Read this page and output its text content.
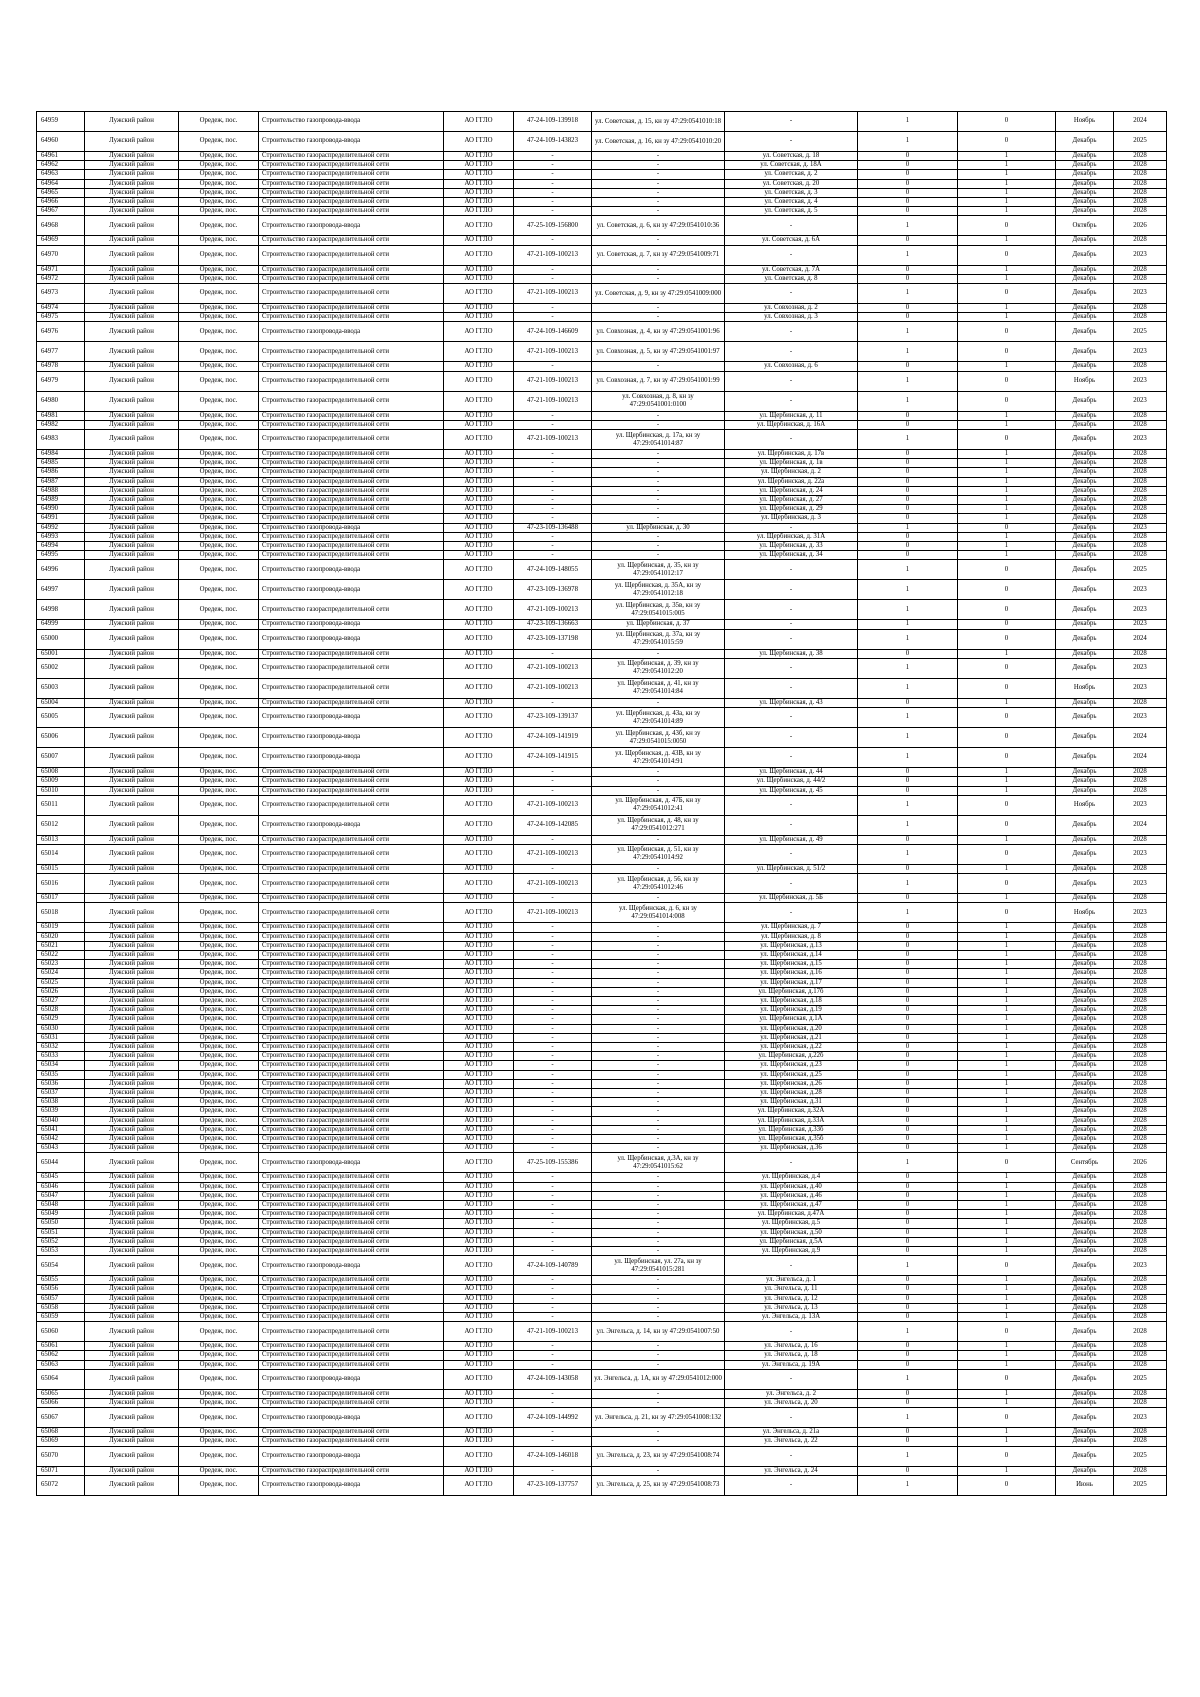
64959	Лужский район	Оредеж, пос.	Строительство газопровода-ввода	АО ГГЛО	47-24-109-139918	ул. Советская, д. 15, кн зу 47:29:0541010:18	-	1	0	Ноябрь	2024
64960	Лужский район	Оредеж, пос.	Строительство газопровода-ввода	АО ГГЛО	47-24-109-143823	ул. Советская, д. 16, кн зу 47:29:0541010:20	-	1	0	Декабрь	2025
64961	Лужский район	Оредеж, пос.	Строительство газораспределительной сети	АО ГГЛО	-	-	ул. Советская, д. 18	0	1	Декабрь	2028
64962	Лужский район	Оредеж, пос.	Строительство газораспределительной сети	АО ГГЛО	-	-	ул. Советская, д. 18А	0	1	Декабрь	2028
64963	Лужский район	Оредеж, пос.	Строительство газораспределительной сети	АО ГГЛО	-	-	ул. Советская, д. 2	0	1	Декабрь	2028
64964	Лужский район	Оредеж, пос.	Строительство газораспределительной сети	АО ГГЛО	-	-	ул. Советская, д. 20	0	1	Декабрь	2028
64965	Лужский район	Оредеж, пос.	Строительство газораспределительной сети	АО ГГЛО	-	-	ул. Советская, д. 3	0	1	Декабрь	2028
64966	Лужский район	Оредеж, пос.	Строительство газораспределительной сети	АО ГГЛО	-	-	ул. Советская, д. 4	0	1	Декабрь	2028
64967	Лужский район	Оредеж, пос.	Строительство газораспределительной сети	АО ГГЛО	-	-	ул. Советская, д. 5	0	1	Декабрь	2028
64968	Лужский район	Оредеж, пос.	Строительство газопровода-ввода	АО ГГЛО	47-25-109-156800	ул. Советская, д. 6, кн зу 47:29:0541010:36	-	1	0	Октябрь	2026
64969	Лужский район	Оредеж, пос.	Строительство газораспределительной сети	АО ГГЛО	-	-	ул. Советская, д. 6А	0	1	Декабрь	2028
64970	Лужский район	Оредеж, пос.	Строительство газораспределительной сети	АО ГГЛО	47-21-109-100213	ул. Советская, д. 7, кн зу 47:29:0541009:71	-	1	0	Декабрь	2023
64971	Лужский район	Оредеж, пос.	Строительство газораспределительной сети	АО ГГЛО	-	-	ул. Советская, д. 7А	0	1	Декабрь	2028
64972	Лужский район	Оредеж, пос.	Строительство газораспределительной сети	АО ГГЛО	-	-	ул. Советская, д. 8	0	1	Декабрь	2028
64973	Лужский район	Оредеж, пос.	Строительство газораспределительной сети	АО ГГЛО	47-21-109-100213	ул. Советская, д. 9, кн зу 47:29:0541009:000	-	1	0	Декабрь	2023
64974	Лужский район	Оредеж, пос.	Строительство газораспределительной сети	АО ГГЛО	-	-	ул. Совхозная, д. 2	0	1	Декабрь	2028
64975	Лужский район	Оредеж, пос.	Строительство газораспределительной сети	АО ГГЛО	-	-	ул. Совхозная, д. 3	0	1	Декабрь	2028
64976	Лужский район	Оредеж, пос.	Строительство газопровода-ввода	АО ГГЛО	47-24-109-146609	ул. Совхозная, д. 4, кн зу 47:29:0541001:96	-	1	0	Декабрь	2025
64977	Лужский район	Оредеж, пос.	Строительство газораспределительной сети	АО ГГЛО	47-21-109-100213	ул. Совхозная, д. 5, кн зу 47:29:0541001:97	-	1	0	Декабрь	2023
64978	Лужский район	Оредеж, пос.	Строительство газораспределительной сети	АО ГГЛО	-	-	ул. Совхозная, д. 6	0	1	Декабрь	2028
64979	Лужский район	Оредеж, пос.	Строительство газораспределительной сети	АО ГГЛО	47-21-109-100213	ул. Совхозная, д. 7, кн зу 47:29:0541001:99	-	1	0	Ноябрь	2023
64980	Лужский район	Оредеж, пос.	Строительство газораспределительной сети	АО ГГЛО	47-21-109-100213	ул. Совхозная, д. 8, кн зу 47:29:0541001:0100	-	1	0	Декабрь	2023
64981	Лужский район	Оредеж, пос.	Строительство газораспределительной сети	АО ГГЛО	-	-	ул. Щербинская, д. 11	0	1	Декабрь	2028
64982	Лужский район	Оредеж, пос.	Строительство газораспределительной сети	АО ГГЛО	-	-	ул. Щербинская, д. 16А	0	1	Декабрь	2028
64983	Лужский район	Оредеж, пос.	Строительство газораспределительной сети	АО ГГЛО	47-21-109-100213	ул. Щербинская, д. 17а, кн зу 47:29:0541014:87	-	1	0	Декабрь	2023
64984	Лужский район	Оредеж, пос.	Строительство газораспределительной сети	АО ГГЛО	-	-	ул. Щербинская, д. 17в	0	1	Декабрь	2028
64985	Лужский район	Оредеж, пос.	Строительство газораспределительной сети	АО ГГЛО	-	-	ул. Щербинская, д. 1в	0	1	Декабрь	2028
64986	Лужский район	Оредеж, пос.	Строительство газораспределительной сети	АО ГГЛО	-	-	ул. Щербинская, д. 2	0	1	Декабрь	2028
64987	Лужский район	Оредеж, пос.	Строительство газораспределительной сети	АО ГГЛО	-	-	ул. Щербинская, д. 22а	0	1	Декабрь	2028
64988	Лужский район	Оредеж, пос.	Строительство газораспределительной сети	АО ГГЛО	-	-	ул. Щербинская, д. 24	0	1	Декабрь	2028
64989	Лужский район	Оредеж, пос.	Строительство газораспределительной сети	АО ГГЛО	-	-	ул. Щербинская, д. 27	0	1	Декабрь	2028
64990	Лужский район	Оредеж, пос.	Строительство газораспределительной сети	АО ГГЛО	-	-	ул. Щербинская, д. 29	0	1	Декабрь	2028
64991	Лужский район	Оредеж, пос.	Строительство газораспределительной сети	АО ГГЛО	-	-	ул. Щербинская, д. 3	0	1	Декабрь	2028
64992	Лужский район	Оредеж, пос.	Строительство газопровода-ввода	АО ГГЛО	47-23-109-136488	ул. Щербинская, д. 30	-	1	0	Декабрь	2023
64993	Лужский район	Оредеж, пос.	Строительство газораспределительной сети	АО ГГЛО	-	-	ул. Щербинская, д. 31А	0	1	Декабрь	2028
64994	Лужский район	Оредеж, пос.	Строительство газораспределительной сети	АО ГГЛО	-	-	ул. Щербинская, д. 33	0	1	Декабрь	2028
64995	Лужский район	Оредеж, пос.	Строительство газораспределительной сети	АО ГГЛО	-	-	ул. Щербинская, д. 34	0	1	Декабрь	2028
64996	Лужский район	Оредеж, пос.	Строительство газопровода-ввода	АО ГГЛО	47-24-109-148055	ул. Щербинская, д. 35, кн зу 47:29:0541012:17	-	1	0	Декабрь	2025
64997	Лужский район	Оредеж, пос.	Строительство газопровода-ввода	АО ГГЛО	47-23-109-136978	ул. Щербинская, д. 35А, кн зу 47:29:0541012:18	-	1	0	Декабрь	2023
64998	Лужский район	Оредеж, пос.	Строительство газораспределительной сети	АО ГГЛО	47-21-109-100213	ул. Щербинская, д. 35в, кн зу 47:29:0541015:005	-	1	0	Декабрь	2023
64999	Лужский район	Оредеж, пос.	Строительство газопровода-ввода	АО ГГЛО	47-23-109-136663	ул. Щербинская, д. 37	-	1	0	Декабрь	2023
65000	Лужский район	Оредеж, пос.	Строительство газопровода-ввода	АО ГГЛО	47-23-109-137198	ул. Щербинская, д. 37а, кн зу 47:29:0541015:59	-	1	0	Декабрь	2024
65001	Лужский район	Оредеж, пос.	Строительство газораспределительной сети	АО ГГЛО	-	-	ул. Щербинская, д. 38	0	1	Декабрь	2028
65002	Лужский район	Оредеж, пос.	Строительство газораспределительной сети	АО ГГЛО	47-21-109-100213	ул. Щербинская, д. 39, кн зу 47:29:0541012:20	-	1	0	Декабрь	2023
65003	Лужский район	Оредеж, пос.	Строительство газораспределительной сети	АО ГГЛО	47-21-109-100213	ул. Щербинская, д. 41, кн зу 47:29:0541014:84	-	1	0	Ноябрь	2023
65004	Лужский район	Оредеж, пос.	Строительство газораспределительной сети	АО ГГЛО	-	-	ул. Щербинская, д. 43	0	1	Декабрь	2028
65005	Лужский район	Оредеж, пос.	Строительство газопровода-ввода	АО ГГЛО	47-23-109-139137	ул. Щербинская, д. 43а, кн зу 47:29:0541014:89	-	1	0	Декабрь	2023
65006	Лужский район	Оредеж, пос.	Строительство газопровода-ввода	АО ГГЛО	47-24-109-141919	ул. Щербинская, д. 43б, кн зу 47:29:0541015:0050	-	1	0	Декабрь	2024
65007	Лужский район	Оредеж, пос.	Строительство газопровода-ввода	АО ГГЛО	47-24-109-141915	ул. Щербинская, д. 43В, кн зу 47:29:0541014:91	-	1	0	Декабрь	2024
65008	Лужский район	Оредеж, пос.	Строительство газораспределительной сети	АО ГГЛО	-	-	ул. Щербинская, д. 44	0	1	Декабрь	2028
65009	Лужский район	Оредеж, пос.	Строительство газораспределительной сети	АО ГГЛО	-	-	ул. Щербинская, д. 44/2	0	1	Декабрь	2028
65010	Лужский район	Оредеж, пос.	Строительство газораспределительной сети	АО ГГЛО	-	-	ул. Щербинская, д. 45	0	1	Декабрь	2028
65011	Лужский район	Оредеж, пос.	Строительство газораспределительной сети	АО ГГЛО	47-21-109-100213	ул. Щербинская, д. 47Б, кн зу 47:29:0541012:41	-	1	0	Ноябрь	2023
65012	Лужский район	Оредеж, пос.	Строительство газопровода-ввода	АО ГГЛО	47-24-109-142085	ул. Щербинская, д. 48, кн зу 47:29:0541012:271	-	1	0	Декабрь	2024
65013	Лужский район	Оредеж, пос.	Строительство газораспределительной сети	АО ГГЛО	-	-	ул. Щербинская, д. 49	0	1	Декабрь	2028
65014	Лужский район	Оредеж, пос.	Строительство газораспределительной сети	АО ГГЛО	47-21-109-100213	ул. Щербинская, д. 51, кн зу 47:29:0541014:92	-	1	0	Декабрь	2023
65015	Лужский район	Оредеж, пос.	Строительство газораспределительной сети	АО ГГЛО	-	-	ул. Щербинская, д. 51/2	0	1	Декабрь	2028
65016	Лужский район	Оредеж, пос.	Строительство газораспределительной сети	АО ГГЛО	47-21-109-100213	ул. Щербинская, д. 56, кн зу 47:29:0541012:46	-	1	0	Декабрь	2023
65017	Лужский район	Оредеж, пос.	Строительство газораспределительной сети	АО ГГЛО	-	-	ул. Щербинская, д. 5Б	0	1	Декабрь	2028
65018	Лужский район	Оредеж, пос.	Строительство газораспределительной сети	АО ГГЛО	47-21-109-100213	ул. Щербинская, д. 6, кн зу 47:29:0541014:008	-	1	0	Ноябрь	2023
65019	Лужский район	Оредеж, пос.	Строительство газораспределительной сети	АО ГГЛО	-	-	ул. Щербинская, д. 7	0	1	Декабрь	2028
65020	Лужский район	Оредеж, пос.	Строительство газораспределительной сети	АО ГГЛО	-	-	ул. Щербинская, д. 8	0	1	Декабрь	2028
65021	Лужский район	Оредеж, пос.	Строительство газораспределительной сети	АО ГГЛО	-	-	ул. Щербинская, д.13	0	1	Декабрь	2028
65022	Лужский район	Оредеж, пос.	Строительство газораспределительной сети	АО ГГЛО	-	-	ул. Щербинская, д.14	0	1	Декабрь	2028
65023	Лужский район	Оредеж, пос.	Строительство газораспределительной сети	АО ГГЛО	-	-	ул. Щербинская, д.15	0	1	Декабрь	2028
65024	Лужский район	Оредеж, пос.	Строительство газораспределительной сети	АО ГГЛО	-	-	ул. Щербинская, д.16	0	1	Декабрь	2028
65025	Лужский район	Оредеж, пос.	Строительство газораспределительной сети	АО ГГЛО	-	-	ул. Щербинская, д.17	0	1	Декабрь	2028
65026	Лужский район	Оредеж, пос.	Строительство газораспределительной сети	АО ГГЛО	-	-	ул. Щербинская, д.17б	0	1	Декабрь	2028
65027	Лужский район	Оредеж, пос.	Строительство газораспределительной сети	АО ГГЛО	-	-	ул. Щербинская, д.18	0	1	Декабрь	2028
65028	Лужский район	Оредеж, пос.	Строительство газораспределительной сети	АО ГГЛО	-	-	ул. Щербинская, д.19	0	1	Декабрь	2028
65029	Лужский район	Оредеж, пос.	Строительство газораспределительной сети	АО ГГЛО	-	-	ул. Щербинская, д.1А	0	1	Декабрь	2028
65030	Лужский район	Оредеж, пос.	Строительство газораспределительной сети	АО ГГЛО	-	-	ул. Щербинская, д.20	0	1	Декабрь	2028
65031	Лужский район	Оредеж, пос.	Строительство газораспределительной сети	АО ГГЛО	-	-	ул. Щербинская, д.21	0	1	Декабрь	2028
65032	Лужский район	Оредеж, пос.	Строительство газораспределительной сети	АО ГГЛО	-	-	ул. Щербинская, д.22	0	1	Декабрь	2028
65033	Лужский район	Оредеж, пос.	Строительство газораспределительной сети	АО ГГЛО	-	-	ул. Щербинская, д.22б	0	1	Декабрь	2028
65034	Лужский район	Оредеж, пос.	Строительство газораспределительной сети	АО ГГЛО	-	-	ул. Щербинская, д.23	0	1	Декабрь	2028
65035	Лужский район	Оредеж, пос.	Строительство газораспределительной сети	АО ГГЛО	-	-	ул. Щербинская, д.25	0	1	Декабрь	2028
65036	Лужский район	Оредеж, пос.	Строительство газораспределительной сети	АО ГГЛО	-	-	ул. Щербинская, д.26	0	1	Декабрь	2028
65037	Лужский район	Оредеж, пос.	Строительство газораспределительной сети	АО ГГЛО	-	-	ул. Щербинская, д.28	0	1	Декабрь	2028
65038	Лужский район	Оредеж, пос.	Строительство газораспределительной сети	АО ГГЛО	-	-	ул. Щербинская, д.31	0	1	Декабрь	2028
65039	Лужский район	Оредеж, пос.	Строительство газораспределительной сети	АО ГГЛО	-	-	ул. Щербинская, д.32А	0	1	Декабрь	2028
65040	Лужский район	Оредеж, пос.	Строительство газораспределительной сети	АО ГГЛО	-	-	ул. Щербинская, д.33А	0	1	Декабрь	2028
65041	Лужский район	Оредеж, пос.	Строительство газораспределительной сети	АО ГГЛО	-	-	ул. Щербинская, д.33б	0	1	Декабрь	2028
65042	Лужский район	Оредеж, пос.	Строительство газораспределительной сети	АО ГГЛО	-	-	ул. Щербинская, д.35б	0	1	Декабрь	2028
65043	Лужский район	Оредеж, пос.	Строительство газораспределительной сети	АО ГГЛО	-	-	ул. Щербинская, д.36	0	1	Декабрь	2028
65044	Лужский район	Оредеж, пос.	Строительство газопровода-ввода	АО ГГЛО	47-25-109-155386	ул. Щербинская, д.3А, кн зу 47:29:0541015:62	-	1	0	Сентябрь	2026
65045	Лужский район	Оредеж, пос.	Строительство газораспределительной сети	АО ГГЛО	-	-	ул. Щербинская, д.4	0	1	Декабрь	2028
65046	Лужский район	Оредеж, пос.	Строительство газораспределительной сети	АО ГГЛО	-	-	ул. Щербинская, д.40	0	1	Декабрь	2028
65047	Лужский район	Оредеж, пос.	Строительство газораспределительной сети	АО ГГЛО	-	-	ул. Щербинская, д.46	0	1	Декабрь	2028
65048	Лужский район	Оредеж, пос.	Строительство газораспределительной сети	АО ГГЛО	-	-	ул. Щербинская, д.47	0	1	Декабрь	2028
65049	Лужский район	Оредеж, пос.	Строительство газораспределительной сети	АО ГГЛО	-	-	ул. Щербинская, д.47А	0	1	Декабрь	2028
65050	Лужский район	Оредеж, пос.	Строительство газораспределительной сети	АО ГГЛО	-	-	ул. Щербинская, д.5	0	1	Декабрь	2028
65051	Лужский район	Оредеж, пос.	Строительство газораспределительной сети	АО ГГЛО	-	-	ул. Щербинская, д.50	0	1	Декабрь	2028
65052	Лужский район	Оредеж, пос.	Строительство газораспределительной сети	АО ГГЛО	-	-	ул. Щербинская, д.5А	0	1	Декабрь	2028
65053	Лужский район	Оредеж, пос.	Строительство газораспределительной сети	АО ГГЛО	-	-	ул. Щербинская, д.9	0	1	Декабрь	2028
65054	Лужский район	Оредеж, пос.	Строительство газопровода-ввода	АО ГГЛО	47-24-109-140789	ул. Щербинская, ул. 27а, кн зу 47:29:0541015:281	-	1	0	Декабрь	2023
65055	Лужский район	Оредеж, пос.	Строительство газораспределительной сети	АО ГГЛО	-	-	ул. Энгельса, д. 1	0	1	Декабрь	2028
65056	Лужский район	Оредеж, пос.	Строительство газораспределительной сети	АО ГГЛО	-	-	ул. Энгельса, д. 11	0	1	Декабрь	2028
65057	Лужский район	Оредеж, пос.	Строительство газораспределительной сети	АО ГГЛО	-	-	ул. Энгельса, д. 12	0	1	Декабрь	2028
65058	Лужский район	Оредеж, пос.	Строительство газораспределительной сети	АО ГГЛО	-	-	ул. Энгельса, д. 13	0	1	Декабрь	2028
65059	Лужский район	Оредеж, пос.	Строительство газораспределительной сети	АО ГГЛО	-	-	ул. Энгельса, д. 13А	0	1	Декабрь	2028
65060	Лужский район	Оредеж, пос.	Строительство газораспределительной сети	АО ГГЛО	47-21-109-100213	ул. Энгельса, д. 14, кн зу 47:29:0541007:50	-	1	0	Декабрь	2028
65061	Лужский район	Оредеж, пос.	Строительство газораспределительной сети	АО ГГЛО	-	-	ул. Энгельса, д. 16	0	1	Декабрь	2028
65062	Лужский район	Оредеж, пос.	Строительство газораспределительной сети	АО ГГЛО	-	-	ул. Энгельса, д. 18	0	1	Декабрь	2028
65063	Лужский район	Оредеж, пос.	Строительство газораспределительной сети	АО ГГЛО	-	-	ул. Энгельса, д. 19А	0	1	Декабрь	2028
65064	Лужский район	Оредеж, пос.	Строительство газопровода-ввода	АО ГГЛО	47-24-109-143058	ул. Энгельса, д. 1А, кн зу 47:29:0541012:000	-	1	0	Декабрь	2025
65065	Лужский район	Оредеж, пос.	Строительство газораспределительной сети	АО ГГЛО	-	-	ул. Энгельса, д. 2	0	1	Декабрь	2028
65066	Лужский район	Оредеж, пос.	Строительство газораспределительной сети	АО ГГЛО	-	-	ул. Энгельса, д. 20	0	1	Декабрь	2028
65067	Лужский район	Оредеж, пос.	Строительство газопровода-ввода	АО ГГЛО	47-24-109-144992	ул. Энгельса, д. 21, кн зу 47:29:0541008:132	-	1	0	Декабрь	2023
65068	Лужский район	Оредеж, пос.	Строительство газораспределительной сети	АО ГГЛО	-	-	ул. Энгельса, д. 21а	0	1	Декабрь	2028
65069	Лужский район	Оредеж, пос.	Строительство газораспределительной сети	АО ГГЛО	-	-	ул. Энгельса, д. 22	0	1	Декабрь	2028
65070	Лужский район	Оредеж, пос.	Строительство газопровода-ввода	АО ГГЛО	47-24-109-146018	ул. Энгельса, д. 23, кн зу 47:29:0541008:74	-	1	0	Декабрь	2025
65071	Лужский район	Оредеж, пос.	Строительство газораспределительной сети	АО ГГЛО	-	-	ул. Энгельса, д. 24	0	1	Декабрь	2028
65072	Лужский район	Оредеж, пос.	Строительство газопровода-ввода	АО ГГЛО	47-23-109-137757	ул. Энгельса, д. 25, кн зу 47:29:0541008:73	-	1	0	Июнь	2025
